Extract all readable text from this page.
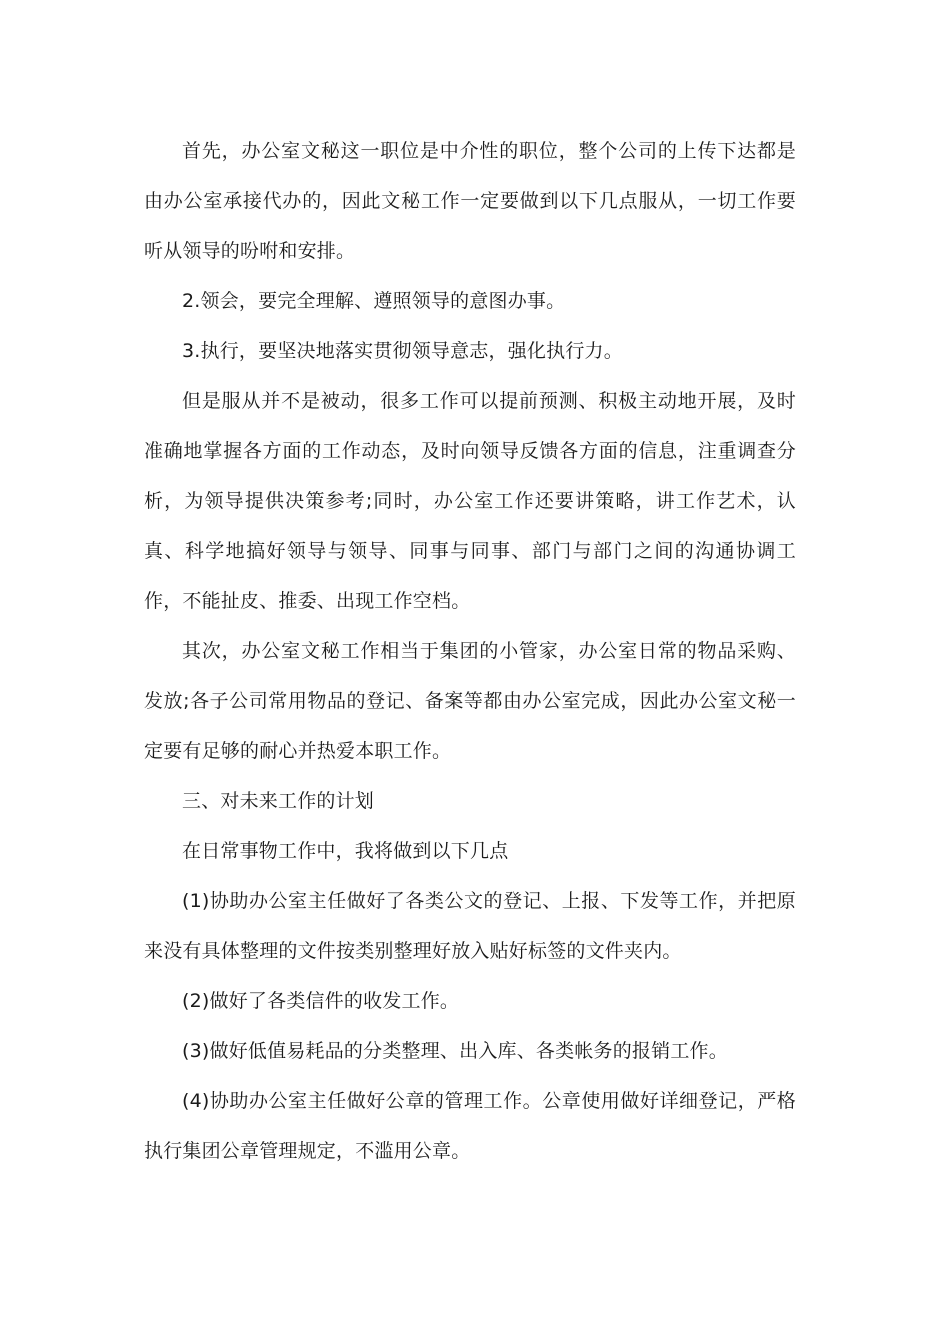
首先，办公室文秘这一职位是中介性的职位，整个公司的上传下达都是由办公室承接代办的，因此文秘工作一定要做到以下几点服从，一切工作要听从领导的吩咐和安排。

2.领会，要完全理解、遵照领导的意图办事。

3.执行，要坚决地落实贯彻领导意志，强化执行力。

但是服从并不是被动，很多工作可以提前预测、积极主动地开展，及时准确地掌握各方面的工作动态，及时向领导反馈各方面的信息，注重调查分析，为领导提供决策参考;同时，办公室工作还要讲策略，讲工作艺术，认真、科学地搞好领导与领导、同事与同事、部门与部门之间的沟通协调工作，不能扯皮、推委、出现工作空档。

其次，办公室文秘工作相当于集团的小管家，办公室日常的物品采购、发放;各子公司常用物品的登记、备案等都由办公室完成，因此办公室文秘一定要有足够的耐心并热爱本职工作。

三、对未来工作的计划

在日常事物工作中，我将做到以下几点

(1)协助办公室主任做好了各类公文的登记、上报、下发等工作，并把原来没有具体整理的文件按类别整理好放入贴好标签的文件夹内。

(2)做好了各类信件的收发工作。

(3)做好低值易耗品的分类整理、出入库、各类帐务的报销工作。

(4)协助办公室主任做好公章的管理工作。公章使用做好详细登记，严格执行集团公章管理规定，不滥用公章。
